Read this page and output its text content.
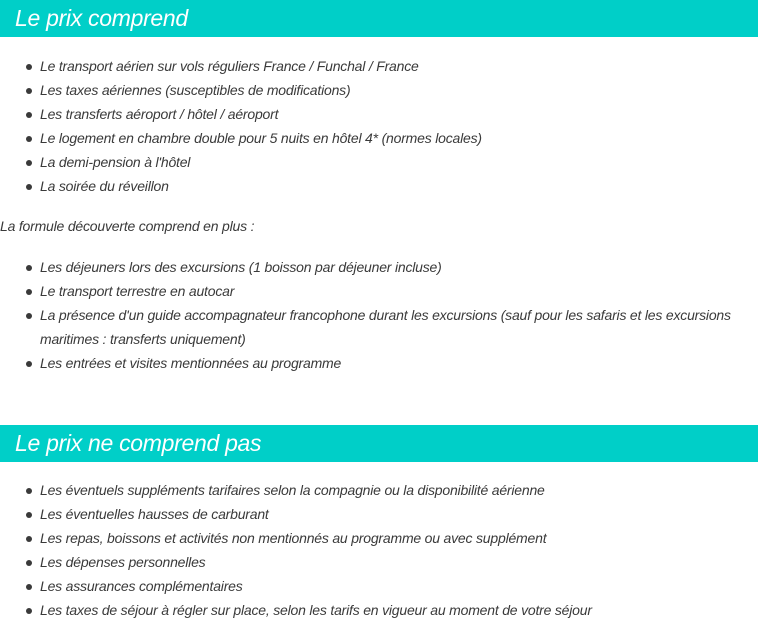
Le prix comprend
Le transport aérien sur vols réguliers France / Funchal / France
Les taxes aériennes (susceptibles de modifications)
Les transferts aéroport / hôtel / aéroport
Le logement en chambre double pour 5 nuits en hôtel 4* (normes locales)
La demi-pension à l'hôtel
La soirée du réveillon

La formule découverte comprend en plus :

Les déjeuners lors des excursions (1 boisson par déjeuner incluse)
Le transport terrestre en autocar
La présence d'un guide accompagnateur francophone durant les excursions (sauf pour les safaris et les excursions maritimes : transferts uniquement)
Les entrées et visites mentionnées au programme
Le prix ne comprend pas
Les éventuels suppléments tarifaires selon la compagnie ou la disponibilité aérienne
Les éventuelles hausses de carburant
Les repas, boissons et activités non mentionnés au programme ou avec supplément
Les dépenses personnelles
Les assurances complémentaires
Les taxes de séjour à régler sur place, selon les tarifs en vigueur au moment de votre séjour
